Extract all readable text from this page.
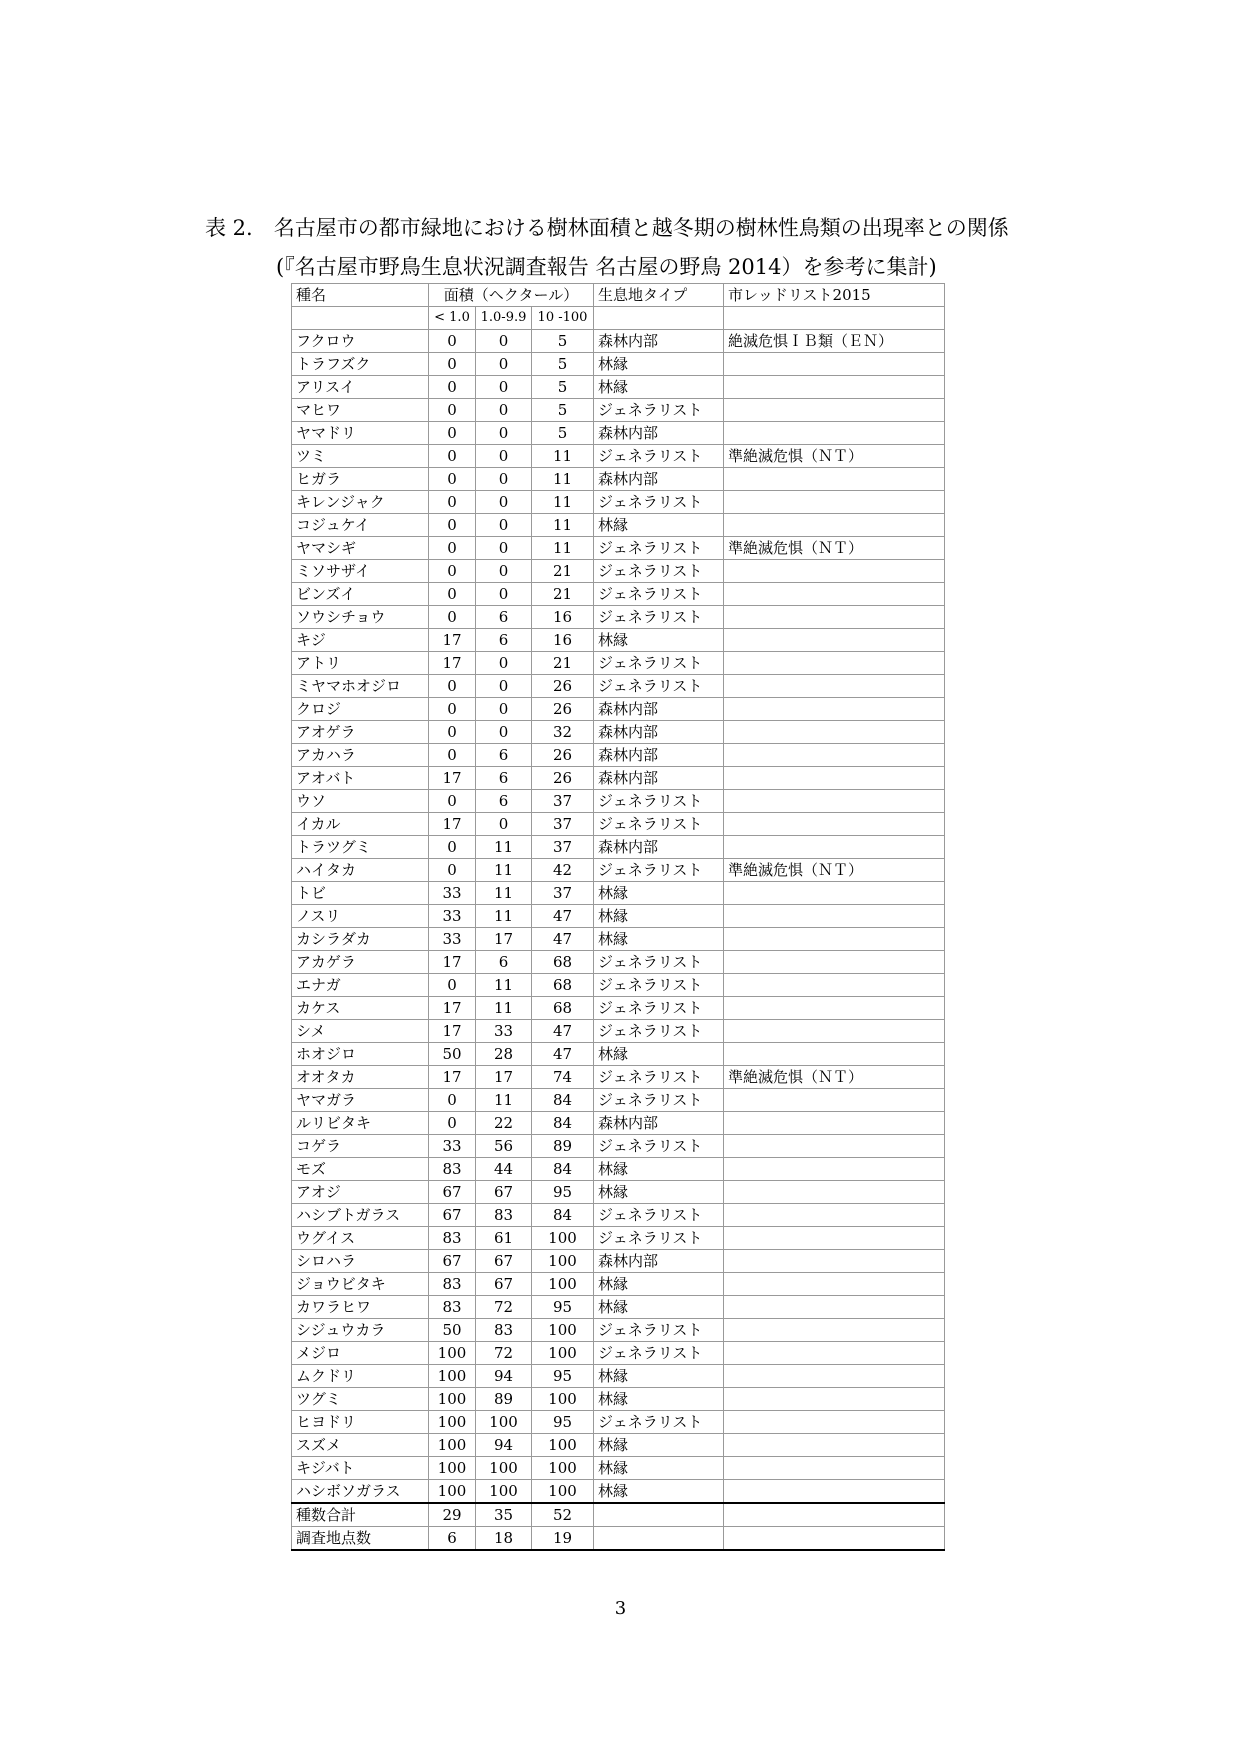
表 2.　名古屋市の都市緑地における樹林面積と越冬期の樹林性鳥類の出現率との関係
(『名古屋市野鳥生息状況調査報告 名古屋の野鳥 2014）を参考に集計)
種名	面積（ヘクタール）			生息地タイプ	市レッドリスト2015
	< 1.0	1.0-9.9	10 -100		
フクロウ	0	0	5	森林内部	絶滅危惧ＩＢ類（ＥＮ）
トラフズク	0	0	5	林縁	
アリスイ	0	0	5	林縁	
マヒワ	0	0	5	ジェネラリスト	
ヤマドリ	0	0	5	森林内部	
ツミ	0	0	11	ジェネラリスト	準絶滅危惧（ＮＴ）
ヒガラ	0	0	11	森林内部	
キレンジャク	0	0	11	ジェネラリスト	
コジュケイ	0	0	11	林縁	
ヤマシギ	0	0	11	ジェネラリスト	準絶滅危惧（ＮＴ）
ミソサザイ	0	0	21	ジェネラリスト	
ビンズイ	0	0	21	ジェネラリスト	
ソウシチョウ	0	6	16	ジェネラリスト	
キジ	17	6	16	林縁	
アトリ	17	0	21	ジェネラリスト	
ミヤマホオジロ	0	0	26	ジェネラリスト	
クロジ	0	0	26	森林内部	
アオゲラ	0	0	32	森林内部	
アカハラ	0	6	26	森林内部	
アオバト	17	6	26	森林内部	
ウソ	0	6	37	ジェネラリスト	
イカル	17	0	37	ジェネラリスト	
トラツグミ	0	11	37	森林内部	
ハイタカ	0	11	42	ジェネラリスト	準絶滅危惧（ＮＴ）
トビ	33	11	37	林縁	
ノスリ	33	11	47	林縁	
カシラダカ	33	17	47	林縁	
アカゲラ	17	6	68	ジェネラリスト	
エナガ	0	11	68	ジェネラリスト	
カケス	17	11	68	ジェネラリスト	
シメ	17	33	47	ジェネラリスト	
ホオジロ	50	28	47	林縁	
オオタカ	17	17	74	ジェネラリスト	準絶滅危惧（ＮＴ）
ヤマガラ	0	11	84	ジェネラリスト	
ルリビタキ	0	22	84	森林内部	
コゲラ	33	56	89	ジェネラリスト	
モズ	83	44	84	林縁	
アオジ	67	67	95	林縁	
ハシブトガラス	67	83	84	ジェネラリスト	
ウグイス	83	61	100	ジェネラリスト	
シロハラ	67	67	100	森林内部	
ジョウビタキ	83	67	100	林縁	
カワラヒワ	83	72	95	林縁	
シジュウカラ	50	83	100	ジェネラリスト	
メジロ	100	72	100	ジェネラリスト	
ムクドリ	100	94	95	林縁	
ツグミ	100	89	100	林縁	
ヒヨドリ	100	100	95	ジェネラリスト	
スズメ	100	94	100	林縁	
キジバト	100	100	100	林縁	
ハシボソガラス	100	100	100	林縁	
種数合計	29	35	52		
調査地点数	6	18	19		
3
